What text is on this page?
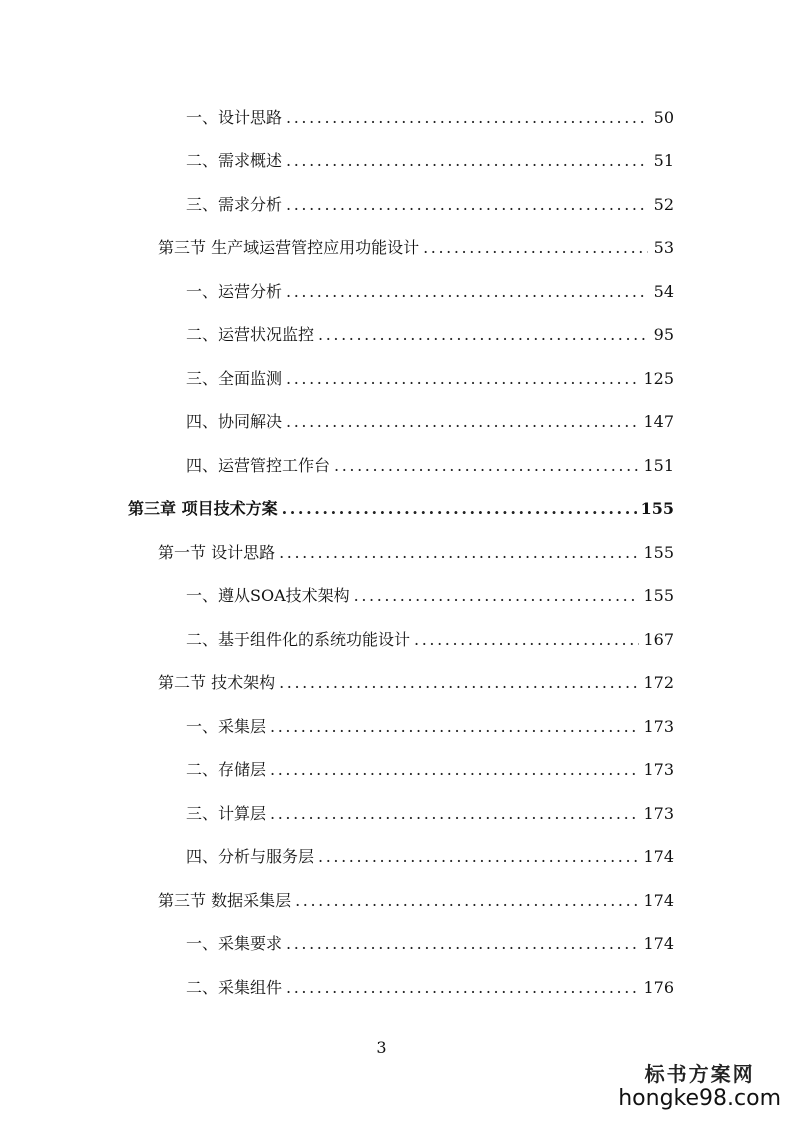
一、设计思路 .....	50
二、需求概述 .....	51
三、需求分析 .....	52
第三节 生产域运营管控应用功能设计 .....	53
一、运营分析 .....	54
二、运营状况监控 .....	95
三、全面监测 .....	125
四、协同解决 .....	147
四、运营管控工作台 .....	151
第三章 项目技术方案 .....	155
第一节 设计思路 .....	155
一、遵从SOA技术架构 .....	155
二、基于组件化的系统功能设计 .....	167
第二节 技术架构 .....	172
一、采集层 .....	173
二、存储层 .....	173
三、计算层 .....	173
四、分析与服务层 .....	174
第三节 数据采集层 .....	174
一、采集要求 .....	174
二、采集组件 .....	176
3
标书方案网
hongke98.com
